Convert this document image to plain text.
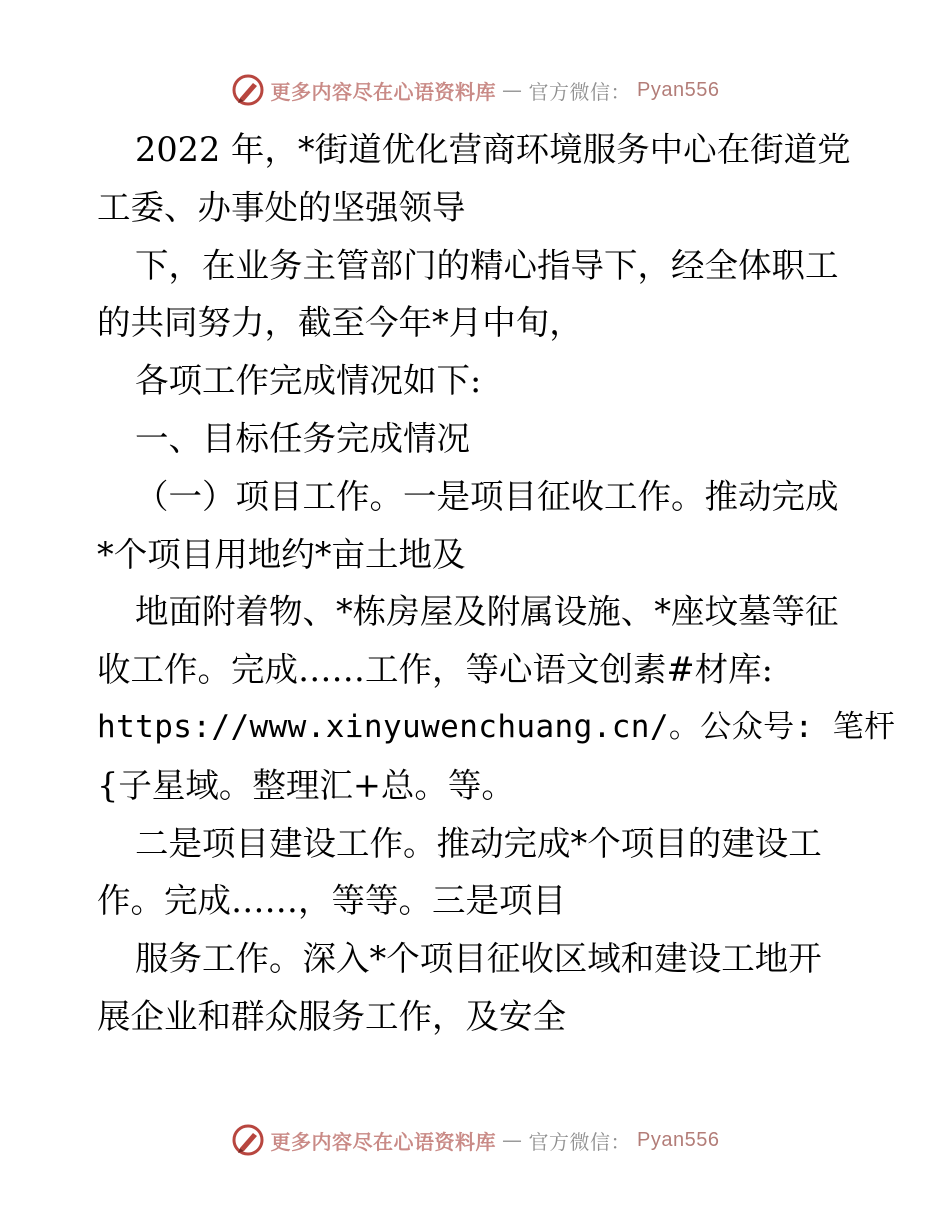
更多内容尽在心语资料库 — 官方微信： Pyan556
2022 年，*街道优化营商环境服务中心在街道党
工委、办事处的坚强领导
下，在业务主管部门的精心指导下，经全体职工
的共同努力，截至今年*月中旬，
各项工作完成情况如下:
一、目标任务完成情况
（一）项目工作。一是项目征收工作。推动完成
*个项目用地约*亩土地及
地面附着物、*栋房屋及附属设施、*座坟墓等征
收工作。完成……工作，等心语文创素#材库:
https://www.xinyuwenchuang.cn/。公众号: 笔杆
{子星域。整理汇+总。等。
二是项目建设工作。推动完成*个项目的建设工
作。完成……，等等。三是项目
服务工作。深入*个项目征收区域和建设工地开
展企业和群众服务工作，及安全
更多内容尽在心语资料库 — 官方微信： Pyan556
